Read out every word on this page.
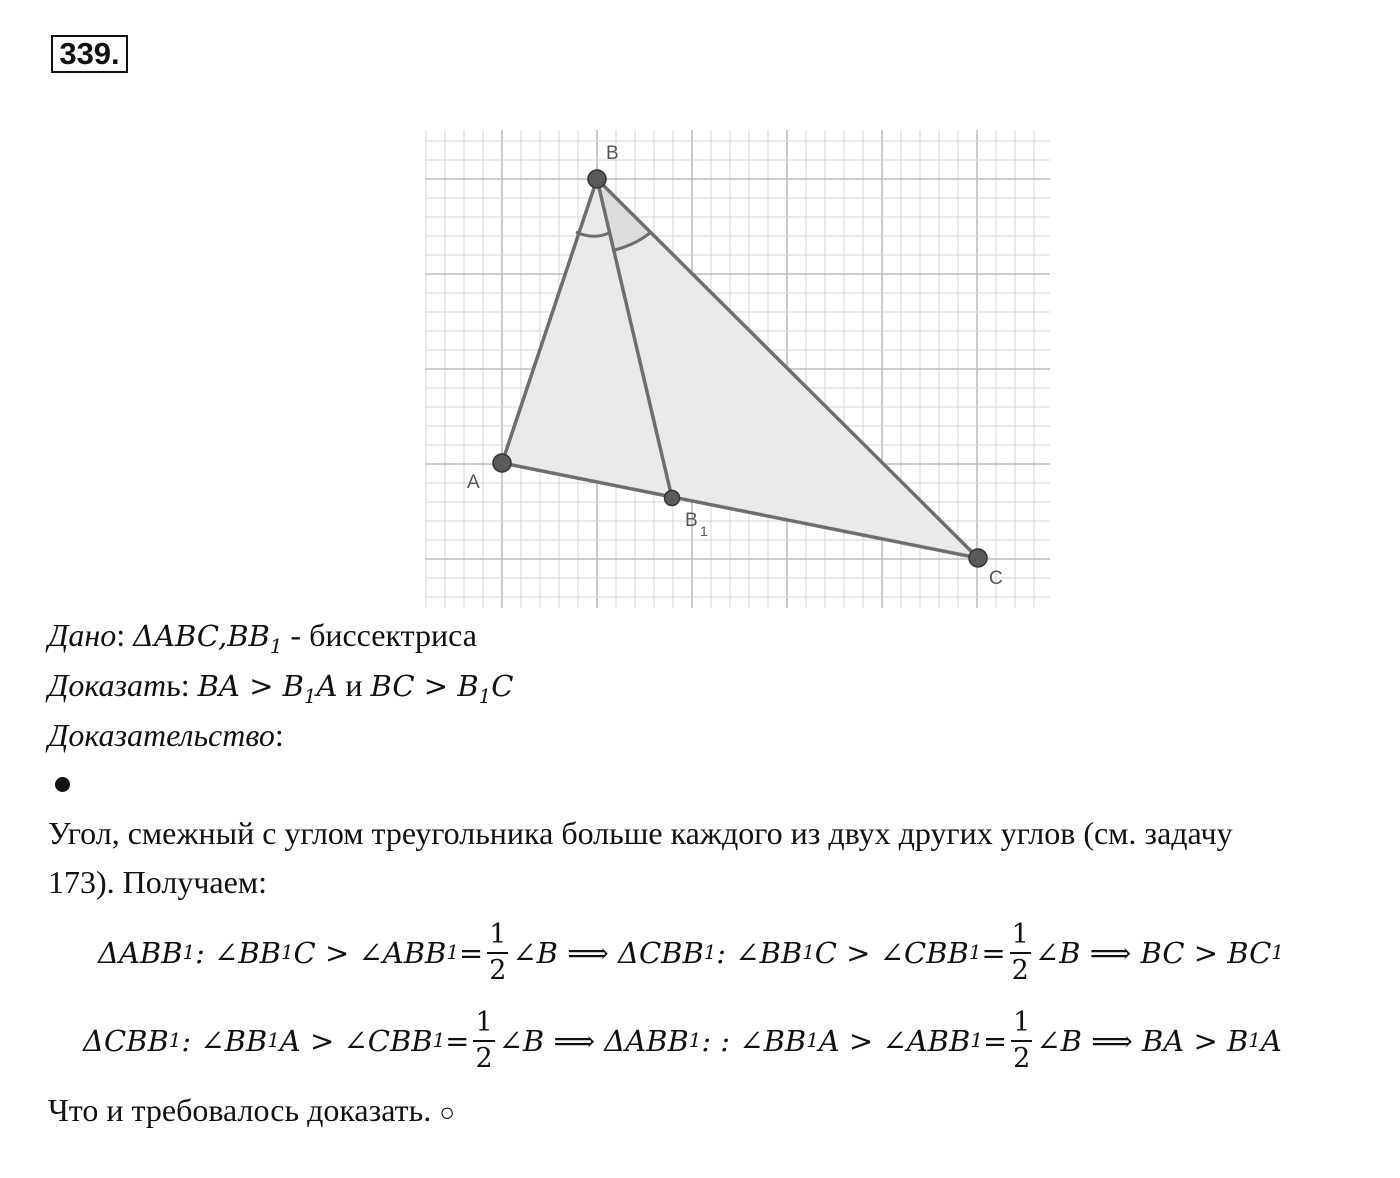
339.
B
A
C
B 1
Дано: $\Delta ABC,BB_1$ - биссектриса
Доказать: BA > $B_1A$ и BC > $B_1C$
Доказательство:
Угол, смежный с углом треугольника больше каждого из двух других углов (см. задачу
173). Получаем:
ΔABB 1 : ∠BB 1 C > ∠ABB $1 = \frac{1}{2}$ ∠B ⟹ ΔCBB 1 : ∠BB 1 C > ∠CBB $1 = \frac{1}{2}$ ∠B ⟹ BC > BC 1
ΔCBB 1 : ∠BB 1 A > ∠CBB $1 = \frac{1}{2}$ ∠B ⟹ ΔABB 1 : : ∠BB 1 A > ∠ABB $1 = \frac{1}{2}$ ∠B ⟹ BA > B 1 A
Что и требовалось доказать. ○
